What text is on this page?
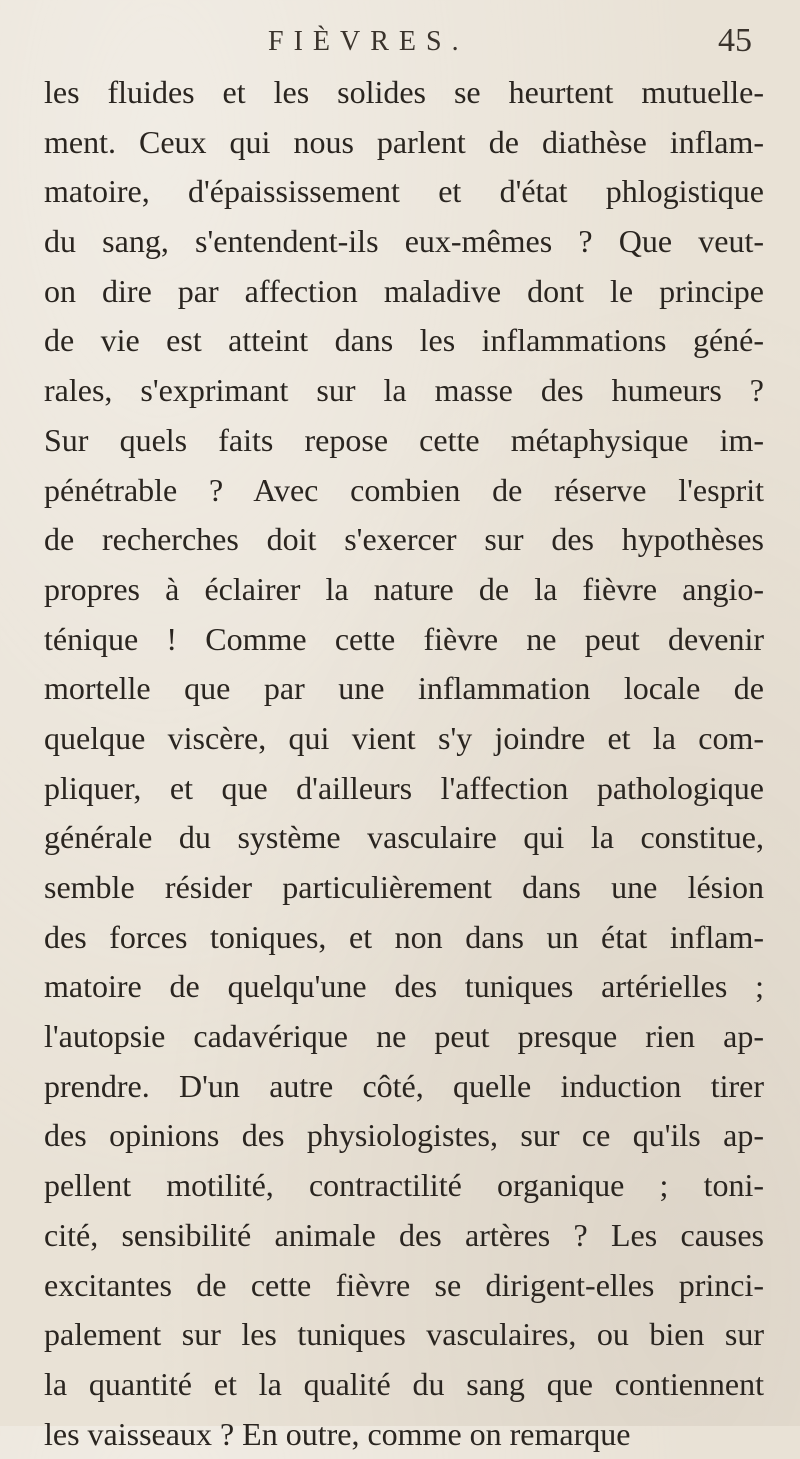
FIÈVRES.	45
les fluides et les solides se heurtent mutuelle-
ment. Ceux qui nous parlent de diathèse inflam-
matoire, d'épaississement et d'état phlogistique
du sang, s'entendent-ils eux-mêmes ? Que veut-
on dire par affection maladive dont le principe
de vie est atteint dans les inflammations géné-
rales, s'exprimant sur la masse des humeurs ?
Sur quels faits repose cette métaphysique im-
pénétrable ? Avec combien de réserve l'esprit
de recherches doit s'exercer sur des hypothèses
propres à éclairer la nature de la fièvre angio-
ténique ! Comme cette fièvre ne peut devenir
mortelle que par une inflammation locale de
quelque viscère, qui vient s'y joindre et la com-
pliquer, et que d'ailleurs l'affection pathologique
générale du système vasculaire qui la constitue,
semble résider particulièrement dans une lésion
des forces toniques, et non dans un état inflam-
matoire de quelqu'une des tuniques artérielles ;
l'autopsie cadavérique ne peut presque rien ap-
prendre. D'un autre côté, quelle induction tirer
des opinions des physiologistes, sur ce qu'ils ap-
pellent motilité, contractilité organique ; toni-
cité, sensibilité animale des artères ? Les causes
excitantes de cette fièvre se dirigent-elles princi-
palement sur les tuniques vasculaires, ou bien sur
la quantité et la qualité du sang que contiennent
les vaisseaux ? En outre, comme on remarque
